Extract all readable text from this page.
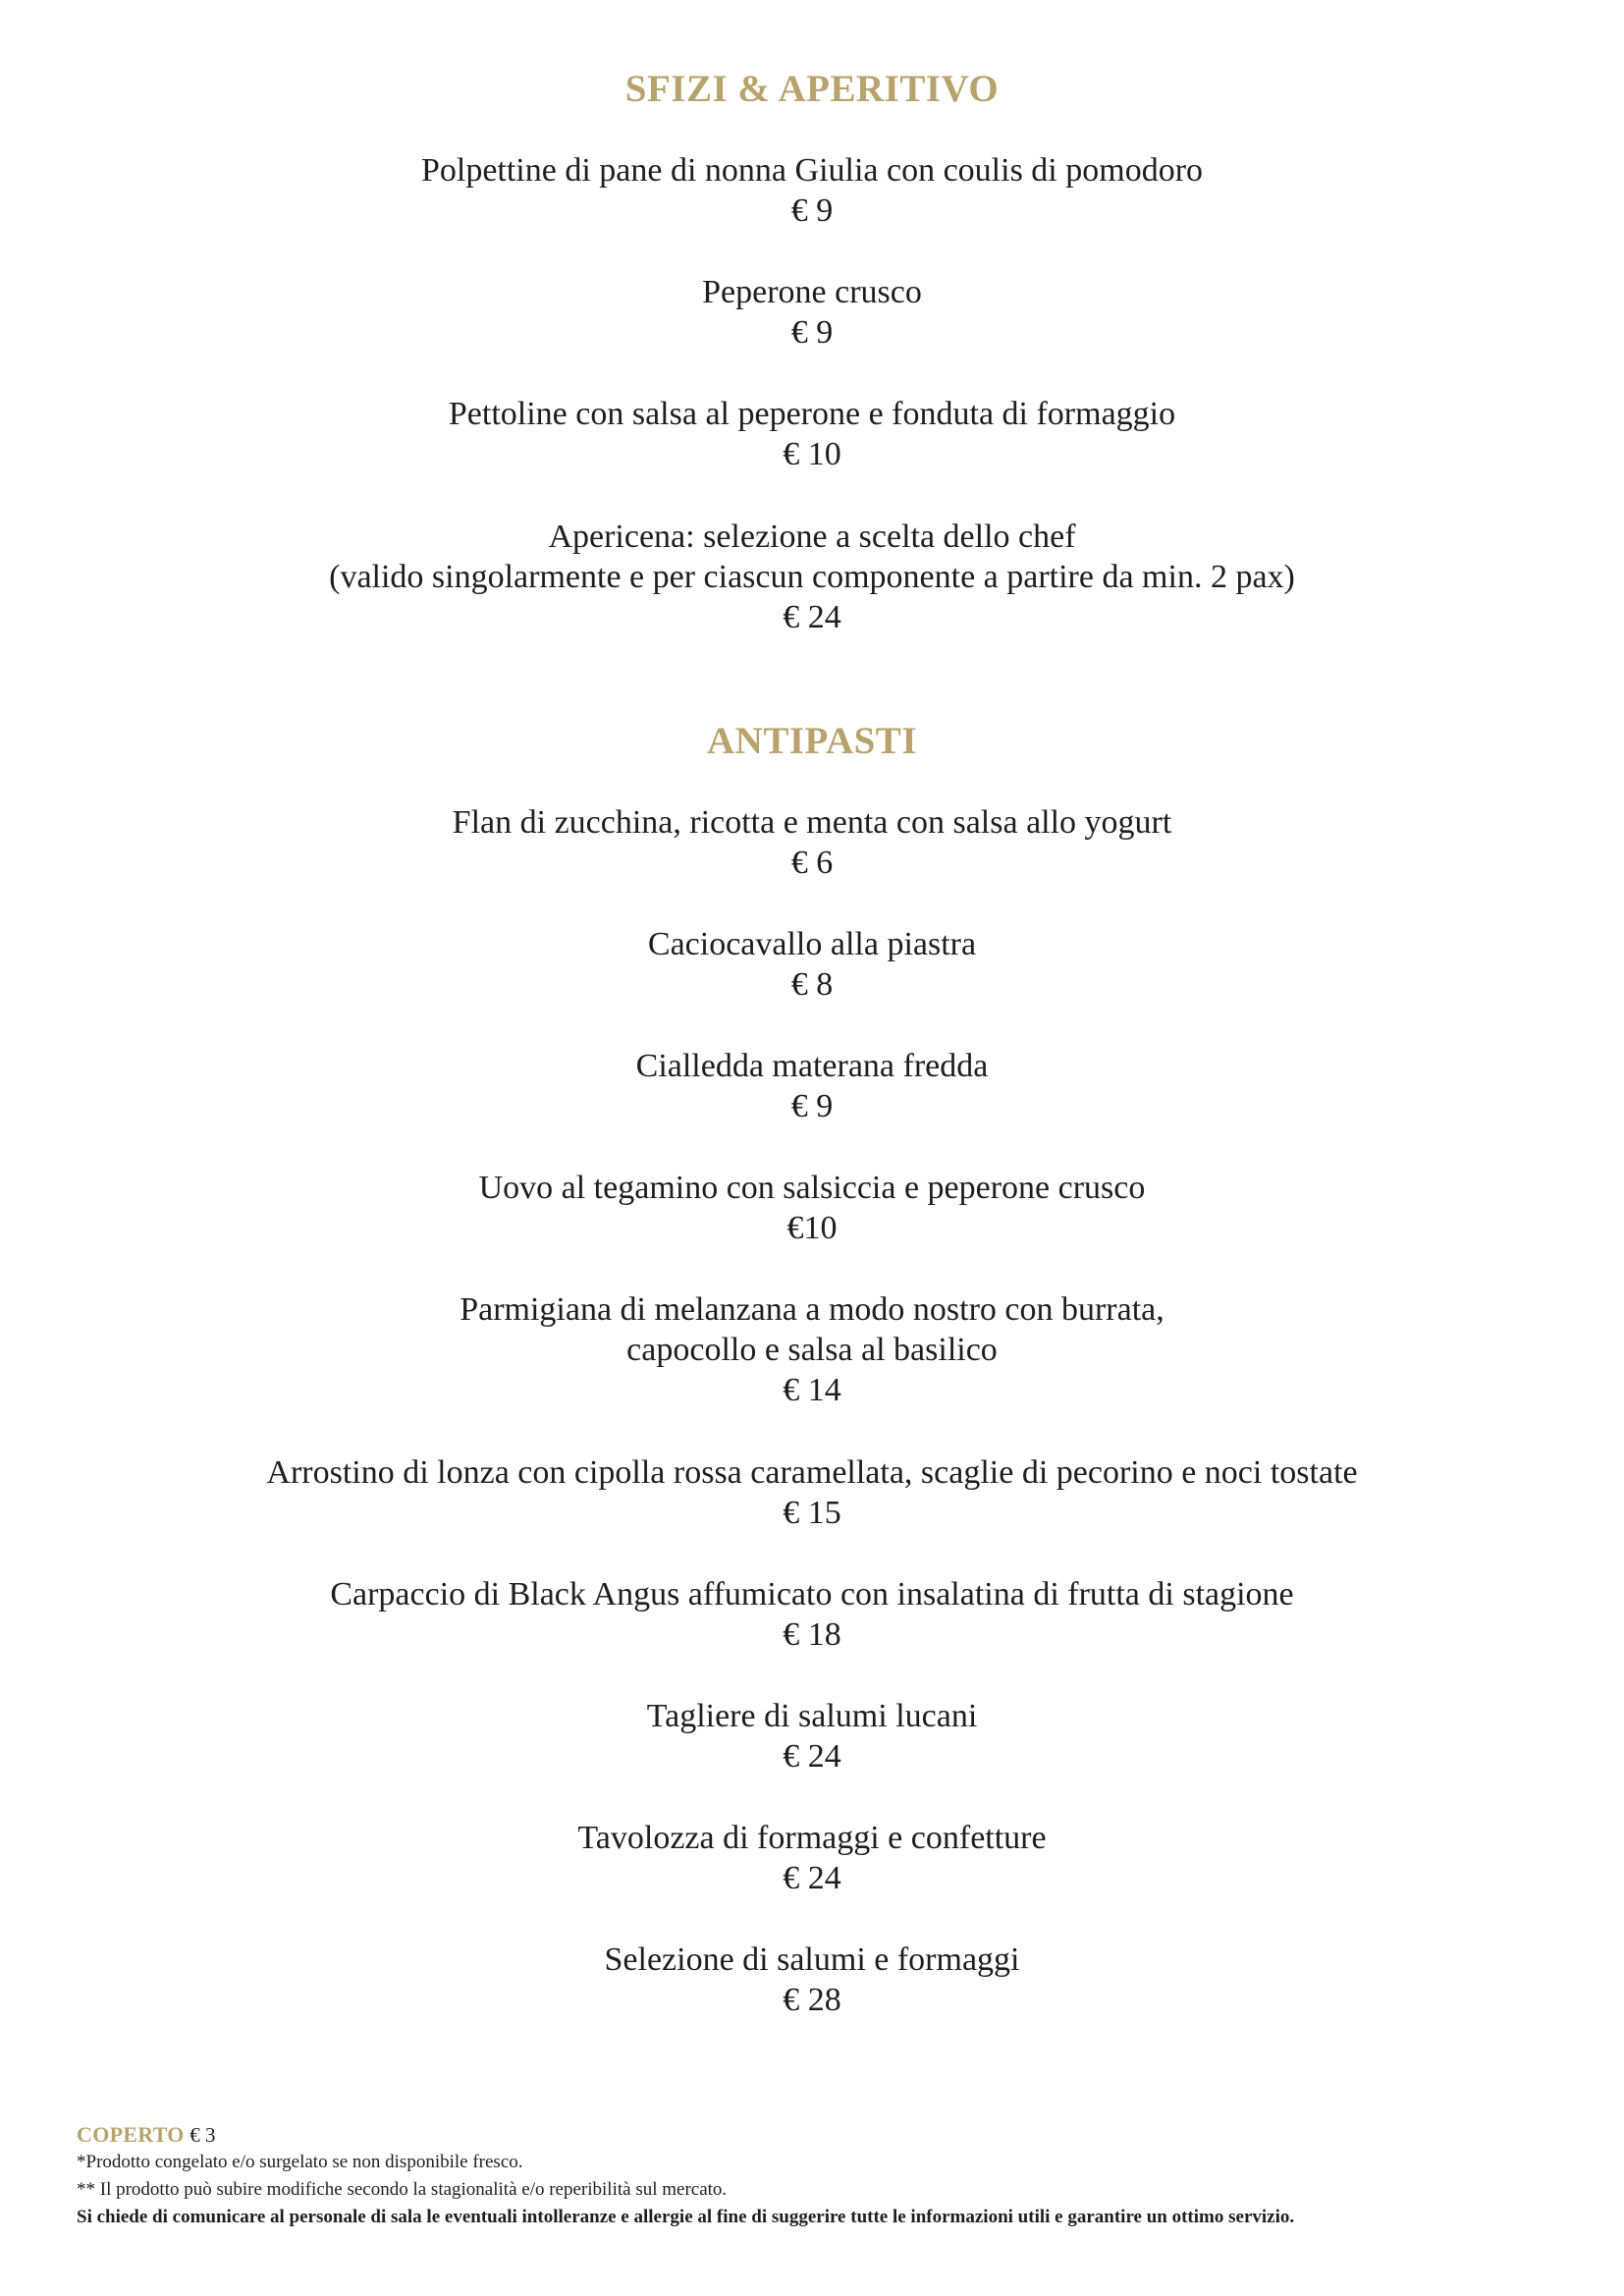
SFIZI & APERITIVO
Polpettine di pane di nonna Giulia con coulis di pomodoro
€ 9
Peperone crusco
€ 9
Pettoline con salsa al peperone e fonduta di formaggio
€ 10
Apericena: selezione a scelta dello chef
(valido singolarmente e per ciascun componente a partire da min. 2 pax)
€ 24
ANTIPASTI
Flan di zucchina, ricotta e menta con salsa allo yogurt
€ 6
Caciocavallo alla piastra
€ 8
Cialledda materana fredda
€ 9
Uovo al tegamino con salsiccia e peperone crusco
€10
Parmigiana di melanzana a modo nostro con burrata,
capocollo e salsa al basilico
€ 14
Arrostino di lonza con cipolla rossa caramellata, scaglie di pecorino e noci tostate
€ 15
Carpaccio di Black Angus affumicato con insalatina di frutta di stagione
€ 18
Tagliere di salumi lucani
€ 24
Tavolozza di formaggi e confetture
€ 24
Selezione di salumi e formaggi
€ 28
COPERTO € 3
*Prodotto congelato e/o surgelato se non disponibile fresco.
** Il prodotto può subire modifiche secondo la stagionalità e/o reperibilità sul mercato.
Si chiede di comunicare al personale di sala le eventuali intolleranze e allergie al fine di suggerire tutte le informazioni utili e garantire un ottimo servizio.
